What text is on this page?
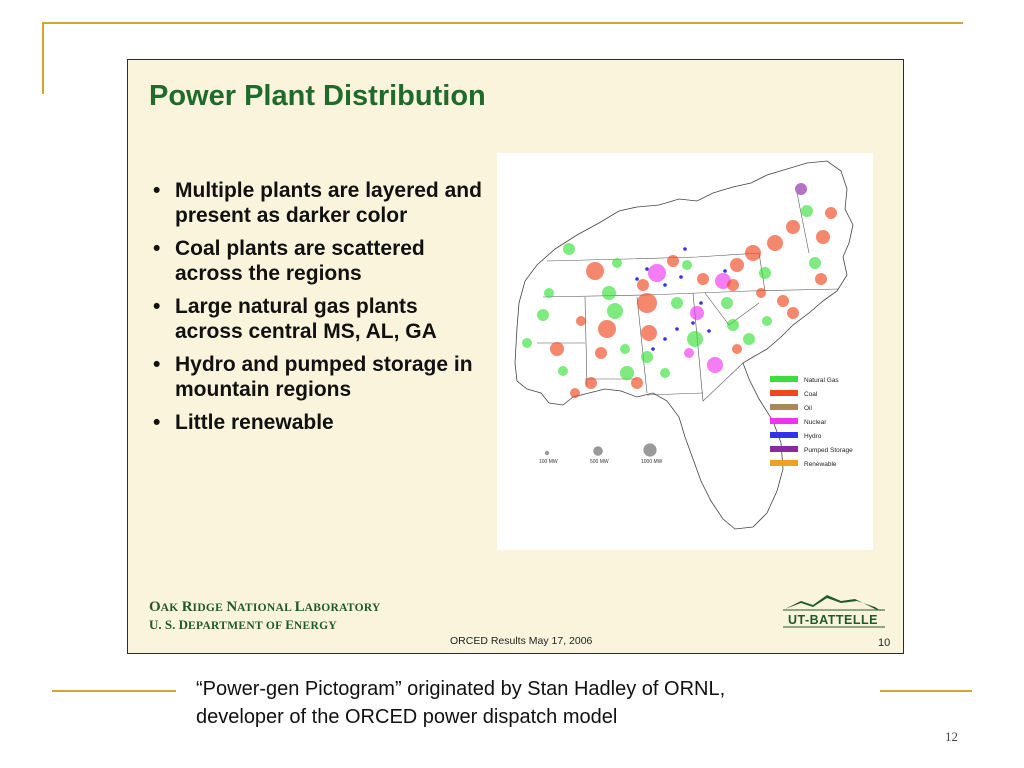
Power Plant Distribution
• Multiple plants are layered and present as darker color
• Coal plants are scattered across the regions
• Large natural gas plants across central MS, AL, GA
• Hydro and pumped storage in mountain regions
• Little renewable
100 MW	500 MW	1000 MW
Natural Gas
Coal
Oil
Nuclear
Hydro
Pumped Storage
Renewable
OAK RIDGE NATIONAL LABORATORY
U. S. DEPARTMENT OF ENERGY
ORCED Results May 17, 2006	10
UT-BATTELLE
“Power-gen Pictogram” originated by Stan Hadley of ORNL,
developer of the ORCED power dispatch model
12
